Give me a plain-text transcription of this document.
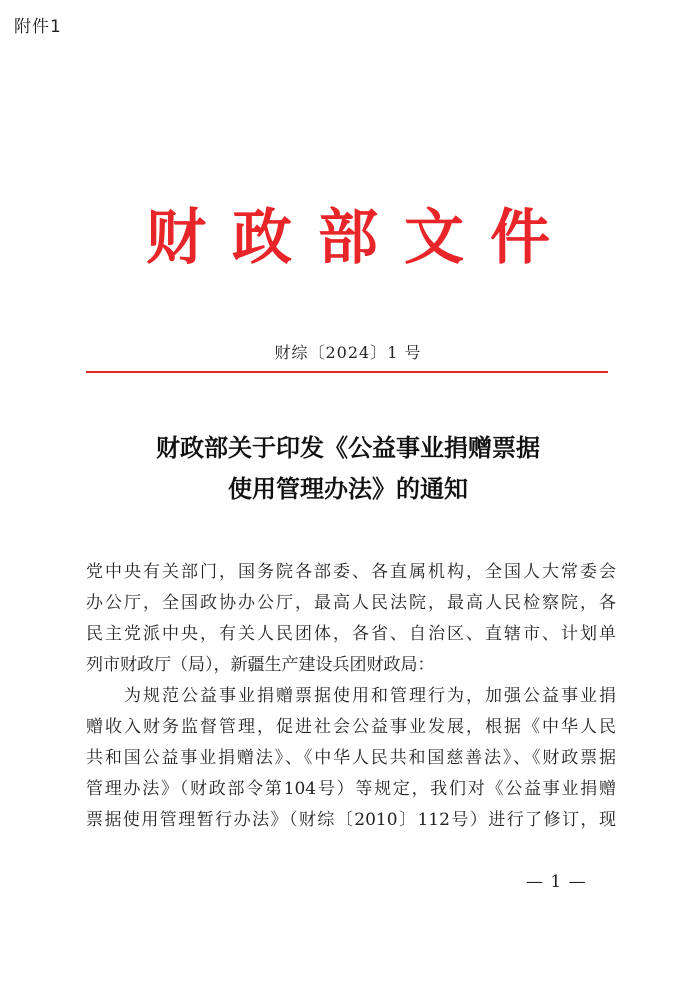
附件1
财政部文件
财综〔2024〕1 号
财政部关于印发《公益事业捐赠票据
使用管理办法》的通知
党中央有关部门，国务院各部委、各直属机构，全国人大常委会
办公厅，全国政协办公厅，最高人民法院，最高人民检察院，各
民主党派中央，有关人民团体，各省、自治区、直辖市、计划单
列市财政厅（局），新疆生产建设兵团财政局：
　　为规范公益事业捐赠票据使用和管理行为，加强公益事业捐
赠收入财务监督管理，促进社会公益事业发展，根据《中华人民
共和国公益事业捐赠法》、《中华人民共和国慈善法》、《财政票据
管理办法》（财政部令第104号）等规定，我们对《公益事业捐赠
票据使用管理暂行办法》（财综〔2010〕112号）进行了修订，现
— 1 —
